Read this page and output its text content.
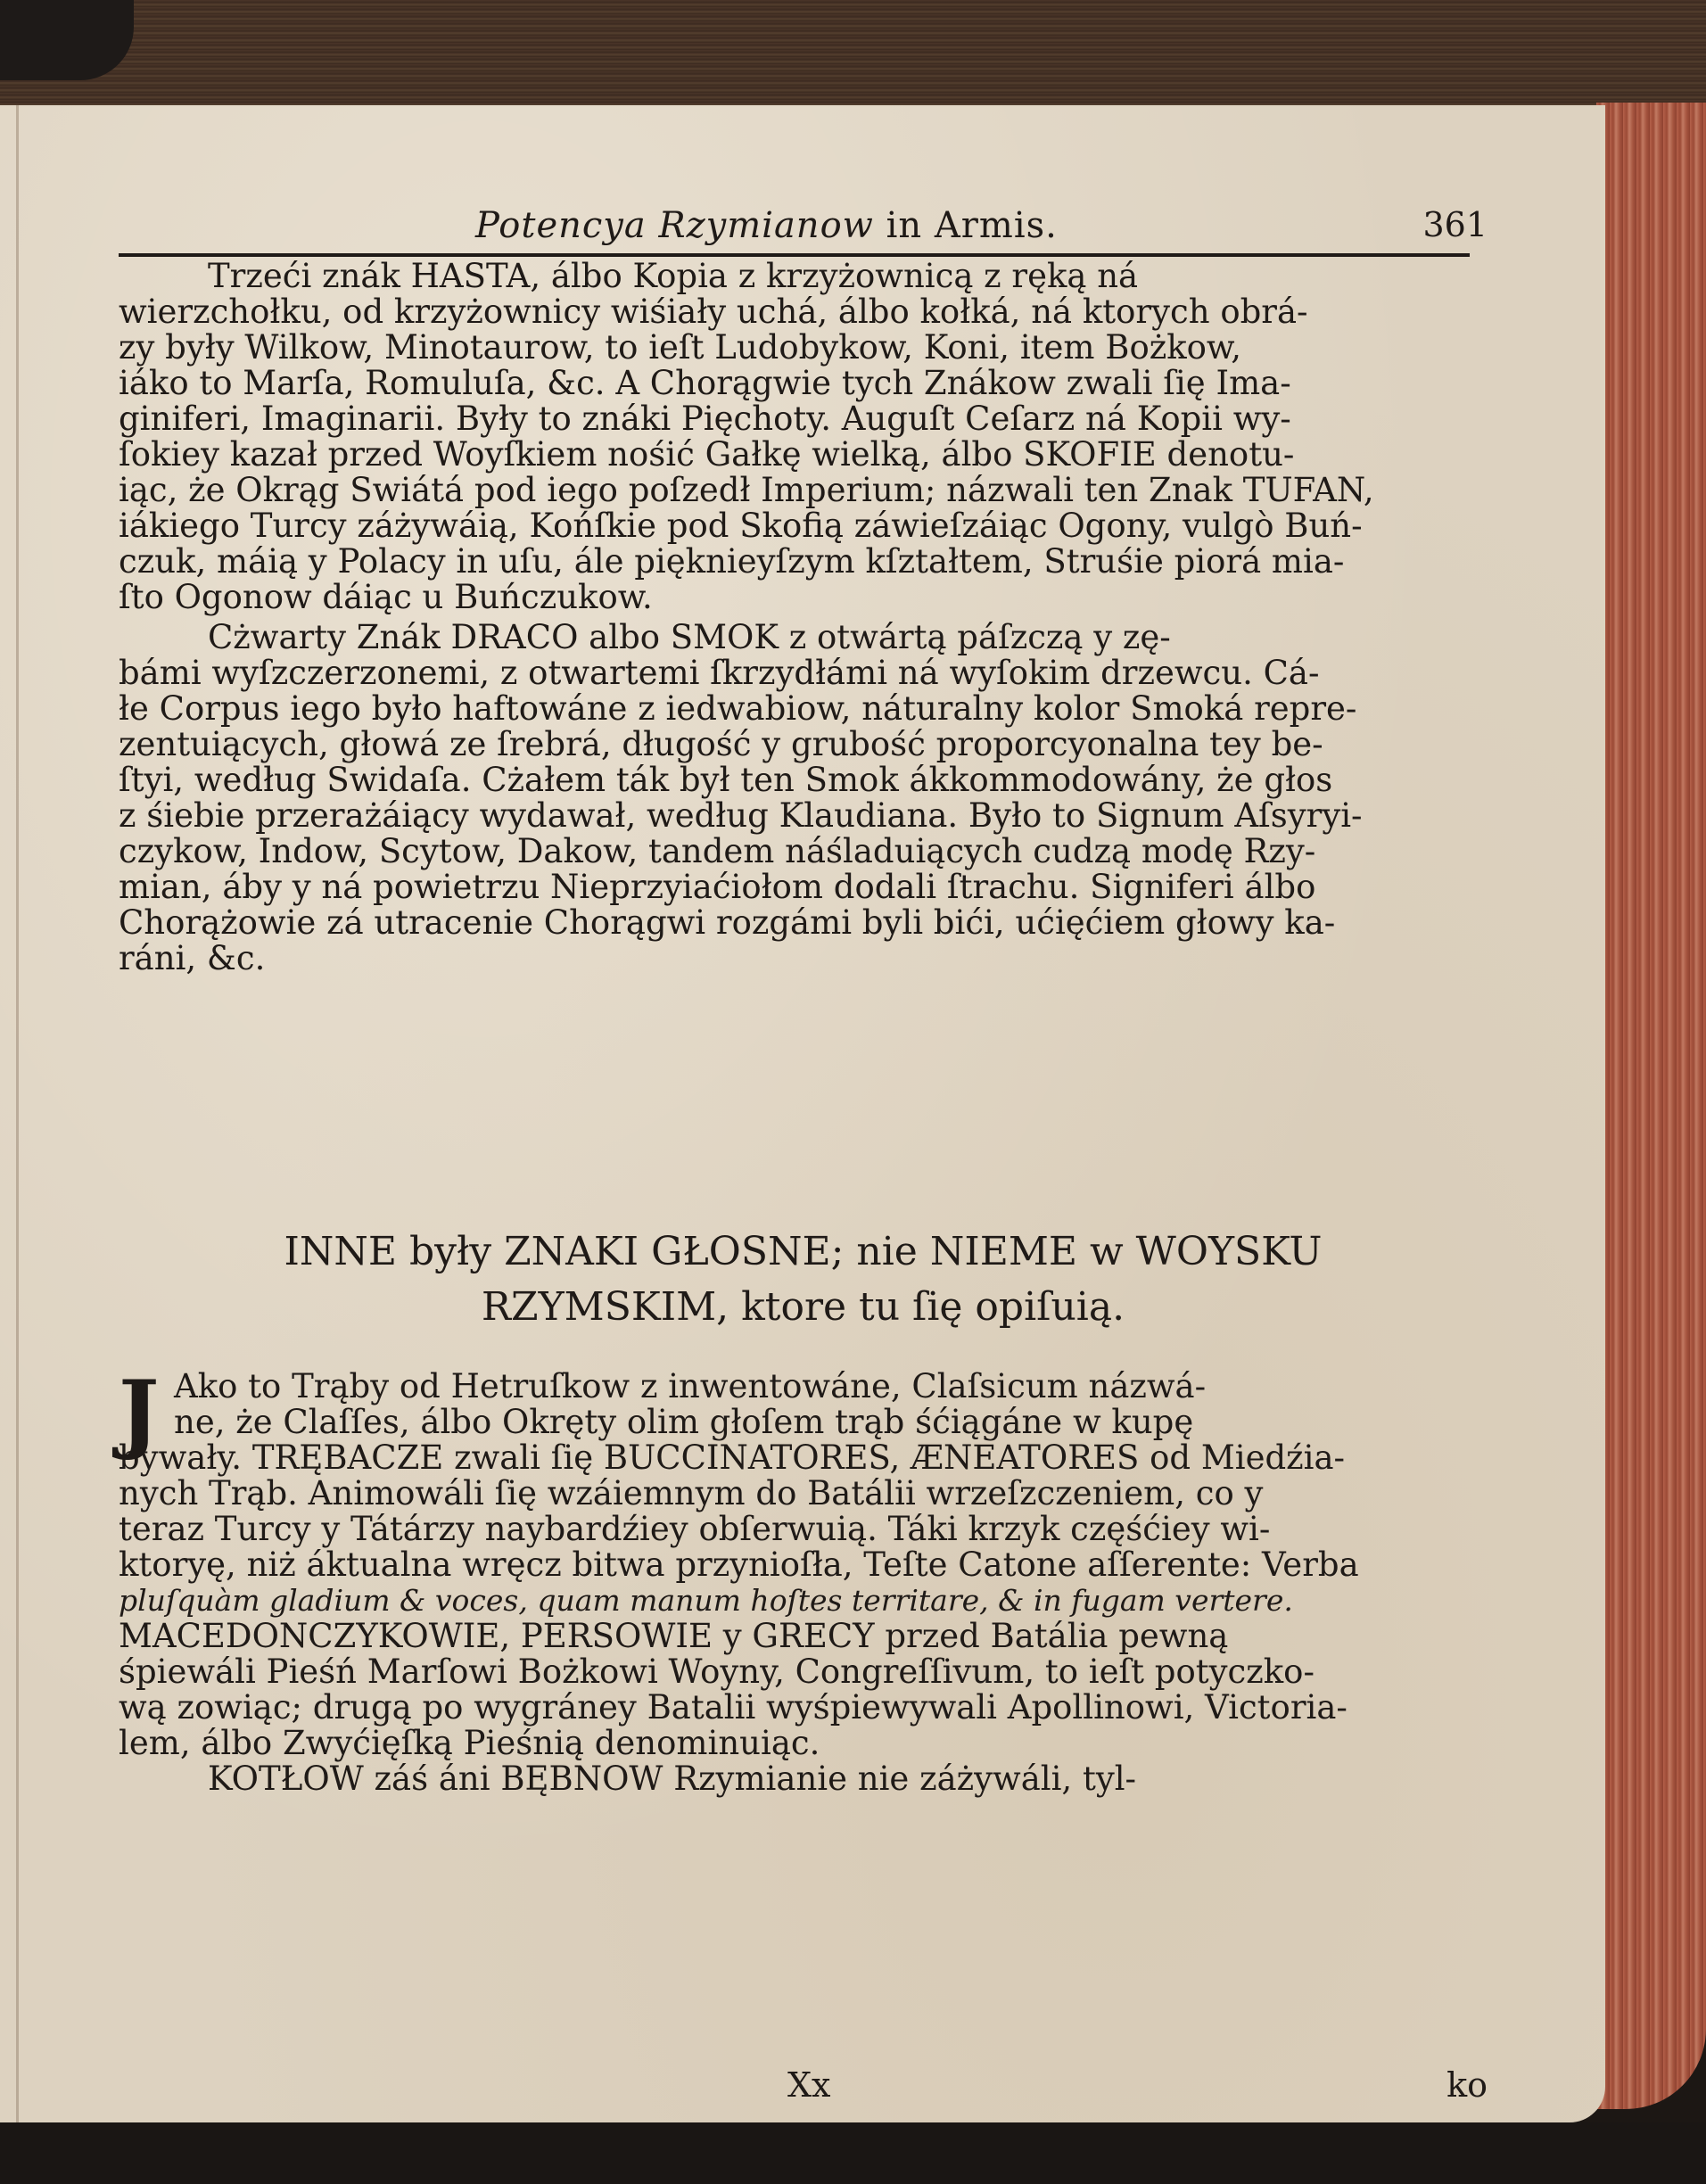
Potencya Rzymianow in Armis.	361
Trzeći znák HASTA, álbo Kopia z krzyżownicą z ręką ná
wierzchołku, od krzyżownicy wiśiały uchá, álbo kołká, ná ktorych obrá-
zy były Wilkow, Minotaurow, to ieſt Ludobykow, Koni, item Bożkow,
iáko to Marſa, Romuluſa, &c. A Chorągwie tych Znákow zwali ſię Ima-
giniferi, Imaginarii. Były to znáki Pięchoty. Auguſt Ceſarz ná Kopii wy-
ſokiey kazał przed Woyſkiem nośić Gałkę wielką, álbo SKOFIE denotu-
iąc, że Okrąg Swiátá pod iego poſzedł Imperium; názwali ten Znak TUFAN,
iákiego Turcy záżywáią, Końſkie pod Skofią záwieſzáiąc Ogony, vulgò Buń-
czuk, máią y Polacy in uſu, ále pięknieyſzym kſztałtem, Struśie piorá mia-
ſto Ogonow dáiąc u Buńczukow.
Cżwarty Znák DRACO albo SMOK z otwártą páſzczą y zę-
bámi wyſzczerzonemi, z otwartemi ſkrzydłámi ná wyſokim drzewcu. Cá-
łe Corpus iego było haftowáne z iedwabiow, náturalny kolor Smoká repre-
zentuiących, głowá ze ſrebrá, długość y grubość proporcyonalna tey be-
ſtyi, według Swidaſa. Cżałem ták był ten Smok ákkommodowány, że głos
z śiebie przerażáiący wydawał, według Klaudiana. Było to Signum Aſsyryi-
czykow, Indow, Scytow, Dakow, tandem náśladuiących cudzą modę Rzy-
mian, áby y ná powietrzu Nieprzyiaćiołom dodali ſtrachu. Signiferi álbo
Chorążowie zá utracenie Chorągwi rozgámi byli bići, ućięćiem głowy ka-
ráni, &c.
INNE były ZNAKI GŁOSNE; nie NIEME w WOYSKU
RZYMSKIM, ktore tu ſię opiſuią.
J Ako to Trąby od Hetruſkow z inwentowáne, Claſsicum názwá-
ne, że Claſſes, álbo Okręty olim głoſem trąb śćiągáne w kupę
bywały. TRĘBACZE zwali ſię BUCCINATORES, ÆNEATORES od Miedźia-
nych Trąb. Animowáli ſię wzáiemnym do Batálii wrzeſzczeniem, co y
teraz Turcy y Tátárzy naybardźiey obſerwuią. Táki krzyk częśćiey wi-
ktoryę, niż áktualna wręcz bitwa przynioſła, Teſte Catone aſſerente: Verba
pluſquàm gladium & voces, quam manum hoſtes territare, & in fugam vertere.
MACEDONCZYKOWIE, PERSOWIE y GRECY przed Batália pewną
śpiewáli Pieśń Marſowi Bożkowi Woyny, Congreſſivum, to ieſt potyczko-
wą zowiąc; drugą po wygráney Batalii wyśpiewywali Apollinowi, Victoria-
lem, álbo Zwyćięſką Pieśnią denominuiąc.
KOTŁOW záś áni BĘBNOW Rzymianie nie záżywáli, tyl-
Xx	ko
